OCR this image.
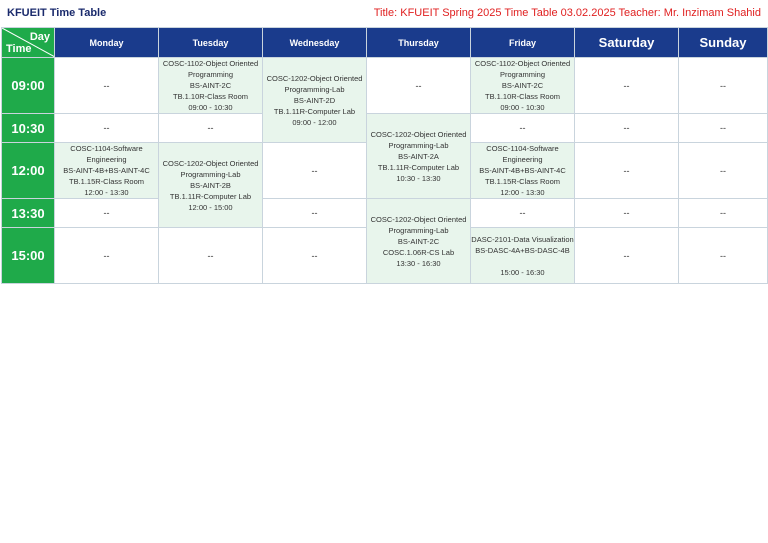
KFUEIT Time Table	Title: KFUEIT Spring 2025 Time Table 03.02.2025 Teacher: Mr. Inzimam Shahid
Day
Time	Monday	Tuesday	Wednesday	Thursday	Friday	Saturday	Sunday
09:00	--	COSC-1102-Object Oriented Programming
BS-AINT-2C
TB.1.10R-Class Room
09:00 - 10:30	COSC-1202-Object Oriented Programming-Lab
BS-AINT-2D
TB.1.11R-Computer Lab
09:00 - 12:00	--	COSC-1102-Object Oriented Programming
BS-AINT-2C
TB.1.10R-Class Room
09:00 - 10:30	--	--
10:30	--	--		COSC-1202-Object Oriented Programming-Lab
BS-AINT-2A
TB.1.11R-Computer Lab
10:30 - 13:30	--	--	--
12:00	COSC-1104-Software Engineering
BS-AINT-4B+BS-AINT-4C
TB.1.15R-Class Room
12:00 - 13:30	COSC-1202-Object Oriented Programming-Lab
BS-AINT-2B
TB.1.11R-Computer Lab
12:00 - 15:00	--		COSC-1104-Software Engineering
BS-AINT-4B+BS-AINT-4C
TB.1.15R-Class Room
12:00 - 13:30	--	--
13:30	--		--	COSC-1202-Object Oriented Programming-Lab
BS-AINT-2C
COSC.1.06R-CS Lab
13:30 - 16:30	--	--	--
15:00	--	--	--		DASC-2101-Data Visualization
BS-DASC-4A+BS-DASC-4B
15:00 - 16:30	--	--
